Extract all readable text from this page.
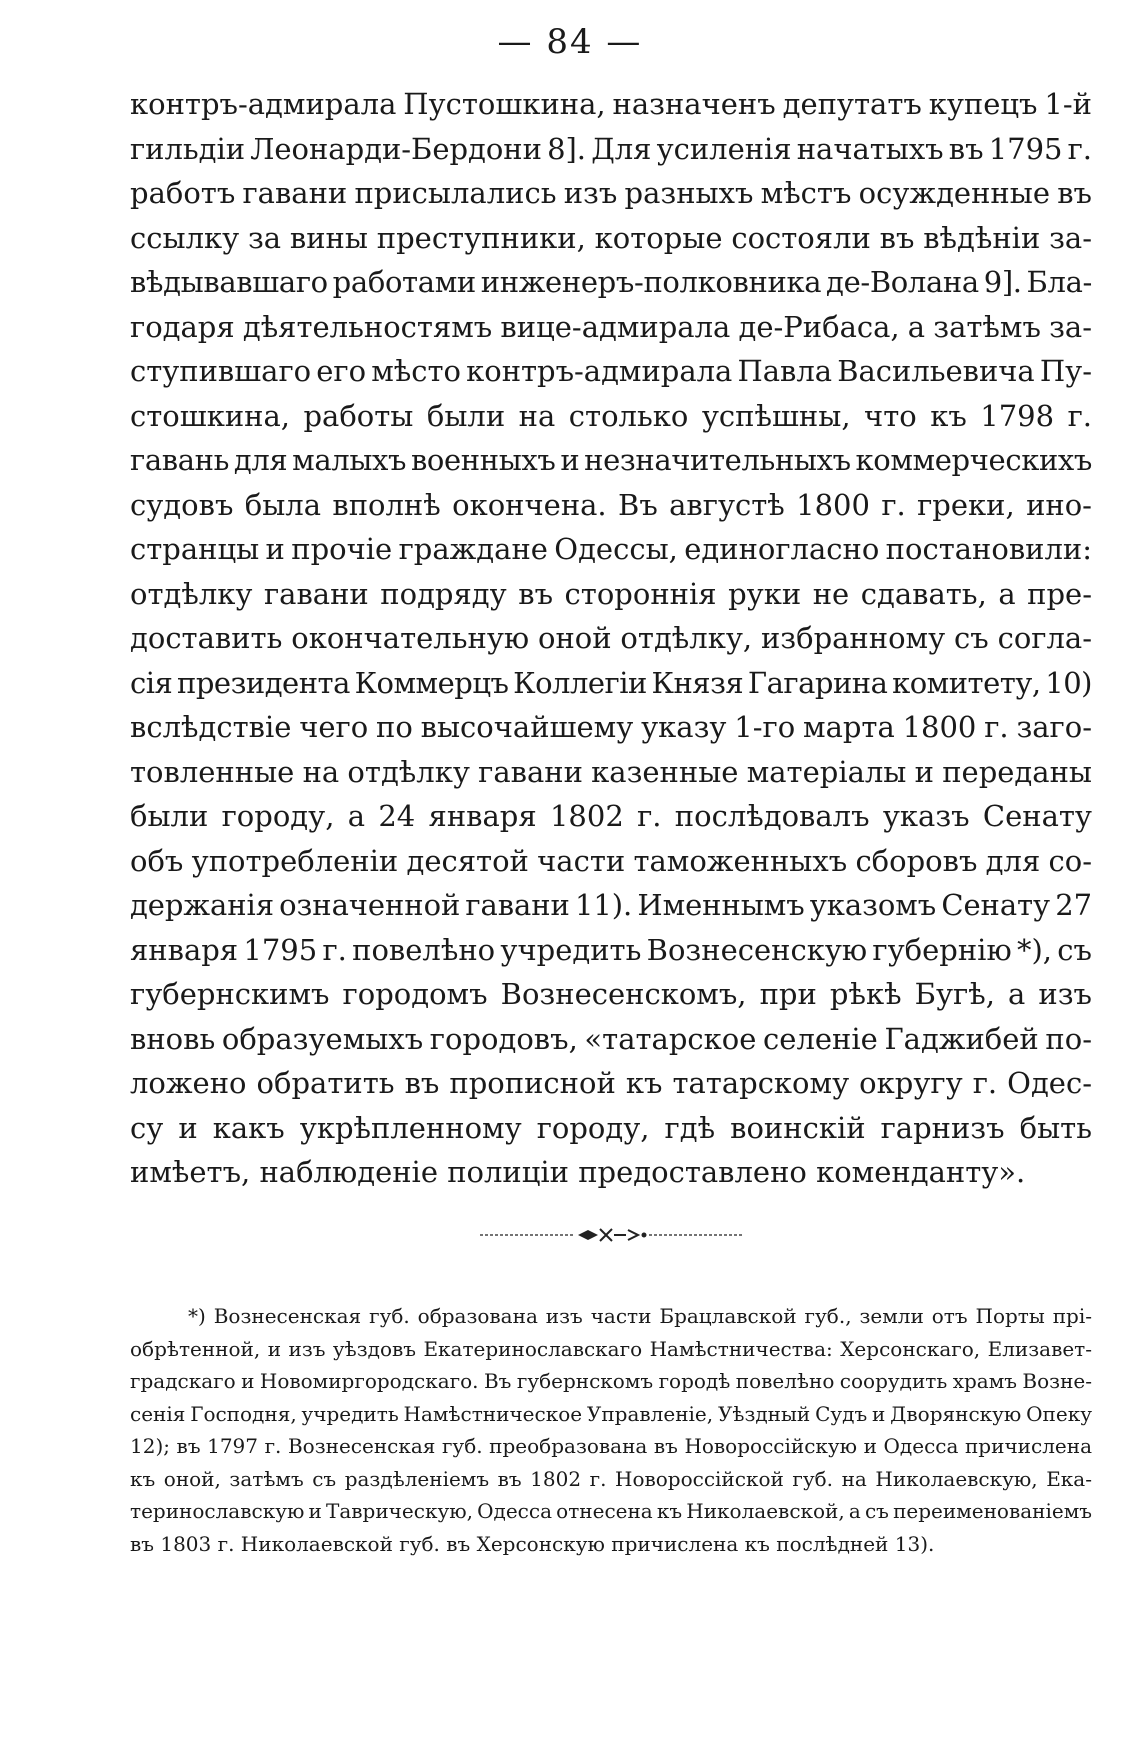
— 84 —
контръ-адмирала Пустошкина, назначенъ депутатъ купецъ 1-й
гильдіи Леонарди-Бердони 8]. Для усиленія начатыхъ въ 1795 г.
работъ гавани присылались изъ разныхъ мѣстъ осужденные въ
ссылку за вины преступники, которые состояли въ вѣдѣніи за-
вѣдывавшаго работами инженеръ-полковника де-Волана 9]. Бла-
годаря дѣятельностямъ вице-адмирала де-Рибаса, а затѣмъ за-
ступившаго его мѣсто контръ-адмирала Павла Васильевича Пу-
стошкина, работы были на столько успѣшны, что къ 1798 г.
гавань для малыхъ военныхъ и незначительныхъ коммерческихъ
судовъ была вполнѣ окончена. Въ августѣ 1800 г. греки, ино-
странцы и прочіе граждане Одессы, единогласно постановили:
отдѣлку гавани подряду въ стороннія руки не сдавать, а пре-
доставить окончательную оной отдѣлку, избранному съ согла-
сія президента Коммерцъ Коллегіи Князя Гагарина комитету, 10)
вслѣдствіе чего по высочайшему указу 1-го марта 1800 г. заго-
товленные на отдѣлку гавани казенные матеріалы и переданы
были городу, а 24 января 1802 г. послѣдовалъ указъ Сенату
объ употребленіи десятой части таможенныхъ сборовъ для со-
держанія означенной гавани 11). Именнымъ указомъ Сенату 27
января 1795 г. повелѣно учредить Вознесенскую губернію *), съ
губернскимъ городомъ Вознесенскомъ, при рѣкѣ Бугѣ, а изъ
вновь образуемыхъ городовъ, «татарское селеніе Гаджибей по-
ложено обратить въ прописной къ татарскому округу г. Одес-
су и какъ укрѣпленному городу, гдѣ воинскій гарнизъ быть
имѣетъ, наблюденіе полиціи предоставлено коменданту».
*) Вознесенская губ. образована изъ части Брацлавской губ., земли отъ Порты прі-
обрѣтенной, и изъ уѣздовъ Екатеринославскаго Намѣстничества: Херсонскаго, Елизавет-
градскаго и Новомиргородскаго. Въ губернскомъ городѣ повелѣно соорудить храмъ Возне-
сенія Господня, учредить Намѣстническое Управленіе, Уѣздный Судъ и Дворянскую Опеку
12); въ 1797 г. Вознесенская губ. преобразована въ Новороссійскую и Одесса причислена
къ оной, затѣмъ съ раздѣленіемъ въ 1802 г. Новороссійской губ. на Николаевскую, Ека-
теринославскую и Таврическую, Одесса отнесена къ Николаевской, а съ переименованіемъ
въ 1803 г. Николаевской губ. въ Херсонскую причислена къ послѣдней 13).
